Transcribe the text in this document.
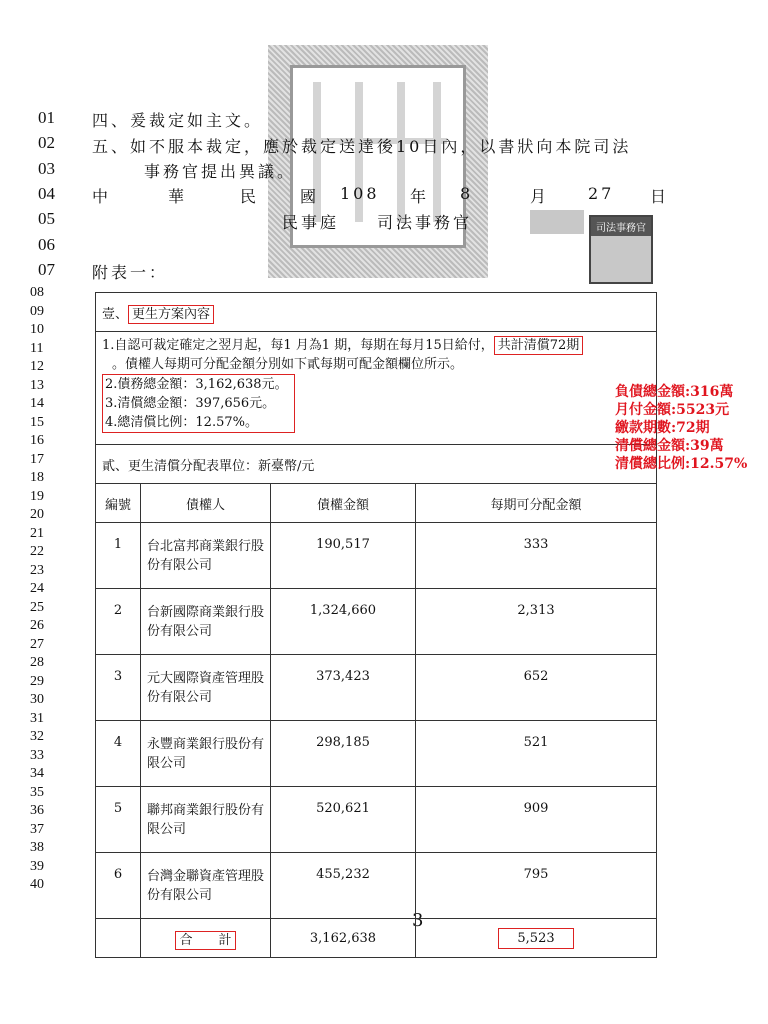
01
02
03
04
05
06
07
08
09
10
11
12
13
14
15
16
17
18
19
20
21
22
23
24
25
26
27
28
29
30
31
32
33
34
35
36
37
38
39
40
四、爰裁定如主文。
五、如不服本裁定，應於裁定送達後10日內，以書狀向本院司法
事務官提出異議。
中	華	民	國 108 年 8	月 27 日
民事庭　　司法事務官	司法事務官
附表一：
壹、 更生方案內容			
1.自認可裁定確定之翌月起，每1 月為1 期，每期在每月15日給付， 共計清償72期
。債權人每期可分配金額分別如下貳每期可配金額欄位所示。

2.債務總金額：3,162,638元。
3.清償總金額：397,656元。
4.總清償比例：12.57%。			

貳、更生清償分配表單位：新臺幣/元			
編號	債權人	債權金額	每期可分配金額
1	台北富邦商業銀行股份有限公司	190,517	333
2	台新國際商業銀行股份有限公司	1,324,660	2,313
3	元大國際資產管理股份有限公司	373,423	652
4	永豐商業銀行股份有限公司	298,185	521
5	聯邦商業銀行股份有限公司	520,621	909
6	台灣金聯資產管理股份有限公司	455,232	795
	合　　計	3,162,638	5,523
負債總金額:316萬
月付金額:5523元
繳款期數:72期
清償總金額:39萬
清償總比例:12.57%
3
